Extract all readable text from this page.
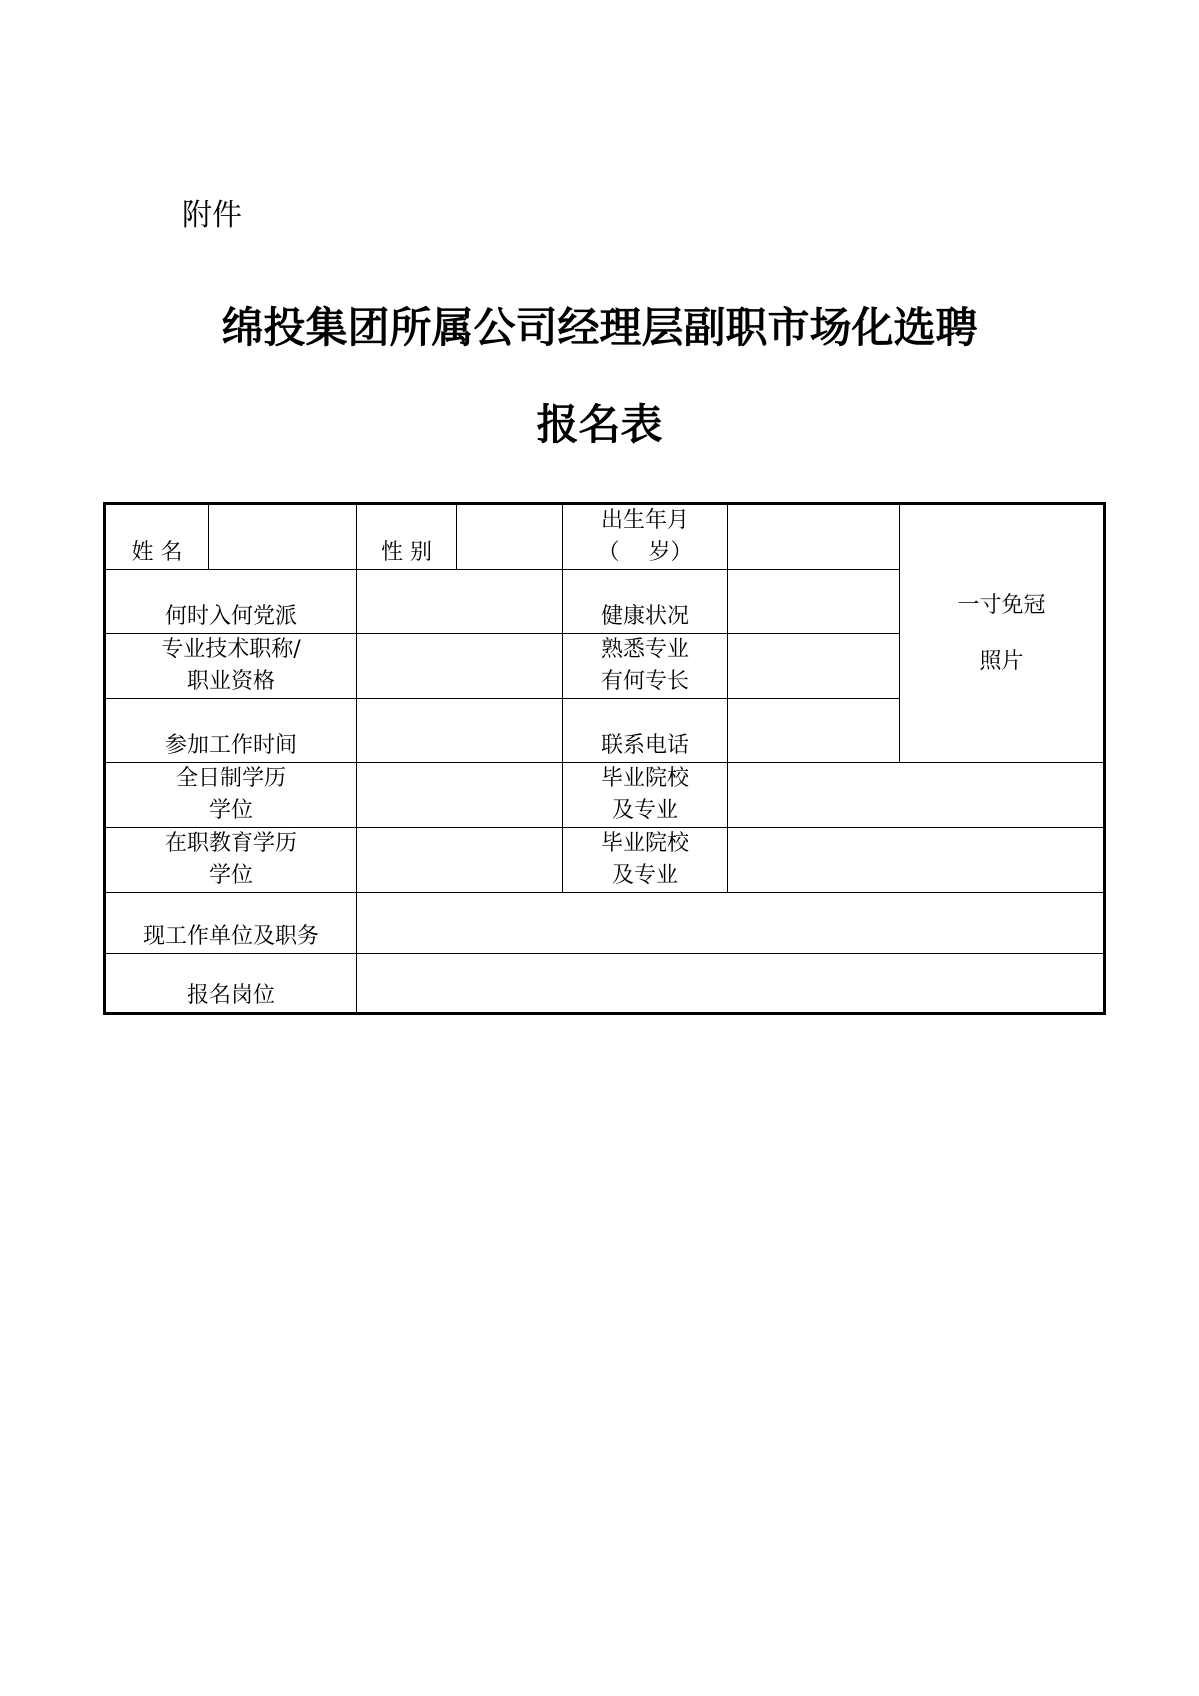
附件
绵投集团所属公司经理层副职市场化选聘
报名表
姓 名		性 别		出生年月
（　 岁）		一寸免冠
照片

何时入何党派				健康状况		

专业技术职称/
职业资格				熟悉专业
有何专长		

参加工作时间				联系电话		

全日制学历
学位				毕业院校
及专业		

在职教育学历
学位				毕业院校
及专业		

现工作单位及职务						
报名岗位						
